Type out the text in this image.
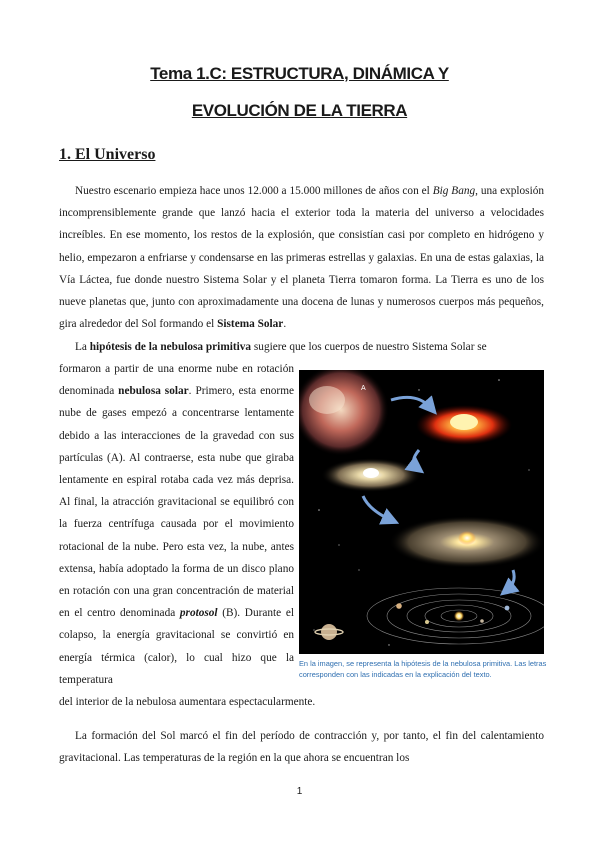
Tema 1.C: ESTRUCTURA, DINÁMICA Y
EVOLUCIÓN DE LA TIERRA
1. El Universo

Nuestro escenario empieza hace unos 12.000 a 15.000 millones de años con el Big Bang, una explosión incomprensiblemente grande que lanzó hacia el exterior toda la materia del universo a velocidades increíbles. En ese momento, los restos de la explosión, que consistían casi por completo en hidrógeno y helio, empezaron a enfriarse y condensarse en las primeras estrellas y galaxias. En una de estas galaxias, la Vía Láctea, fue donde nuestro Sistema Solar y el planeta Tierra tomaron forma. La Tierra es uno de los nueve planetas que, junto con aproximadamente una docena de lunas y numerosos cuerpos más pequeños, gira alrededor del Sol formando el Sistema Solar.

La hipótesis de la nebulosa primitiva sugiere que los cuerpos de nuestro Sistema Solar se

formaron a partir de una enorme nube en rotación denominada nebulosa solar. Primero, esta enorme nube de gases empezó a concentrarse lentamente debido a las interacciones de la gravedad con sus partículas (A). Al contraerse, esta nube que giraba lentamente en espiral rotaba cada vez más deprisa. Al final, la atracción gravitacional se equilibró con la fuerza centrífuga causada por el movimiento rotacional de la nube. Pero esta vez, la nube, antes extensa, había adoptado la forma de un disco plano en rotación con una gran concentración de material en el centro denominada protosol (B). Durante el colapso, la energía gravitacional se convirtió en energía térmica (calor), lo cual hizo que la temperatura

del interior de la nebulosa aumentara espectacularmente.

A
En la imagen, se representa la hipótesis de la nebulosa primitiva. Las letras corresponden con las indicadas en la explicación del texto.

La formación del Sol marcó el fin del período de contracción y, por tanto, el fin del calentamiento gravitacional. Las temperaturas de la región en la que ahora se encuentran los

1
